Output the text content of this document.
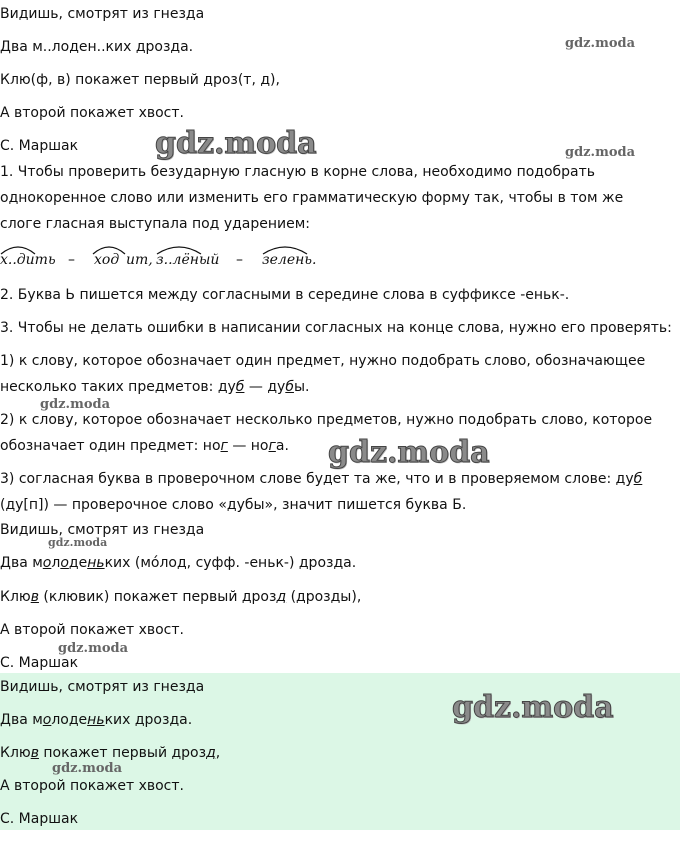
Видишь, смотрят из гнезда

Два м..лоден..ких дрозда.

Клю(ф, в) покажет первый дроз(т, д),

А второй покажет хвост.

С. Маршак

1. Чтобы проверить безударную гласную в корне слова, необходимо подобрать

однокоренное слово или изменить его грамматическую форму так, чтобы в том же

слоге гласная выступала под ударением:

х..дить – ход ит, з..лёный – зелень .

2. Буква Ь пишется между согласными в середине слова в суффиксе -еньк-.

3. Чтобы не делать ошибки в написании согласных на конце слова, нужно его проверять:

1) к слову, которое обозначает один предмет, нужно подобрать слово, обозначающее

несколько таких предметов: дуб — дубы.

2) к слову, которое обозначает несколько предметов, нужно подобрать слово, которое

обозначает один предмет: ног — нога.

3) согласная буква в проверочном слове будет та же, что и в проверяемом слове: дуб

(ду[п]) — проверочное слово «дубы», значит пишется буква Б.

Видишь, смотрят из гнезда

Два молоденьких (мóлод, суфф. -еньк-) дрозда.

Клюв (клювик) покажет первый дрозд (дрозды),

А второй покажет хвост.

С. Маршак

Видишь, смотрят из гнезда

Два молоденьких дрозда.

Клюв покажет первый дрозд,

А второй покажет хвост.

С. Маршак

gdz.moda
gdz.moda	gdz.moda
gdz.moda
gdz.moda
gdz.moda
gdz.moda
gdz.moda
gdz.moda
